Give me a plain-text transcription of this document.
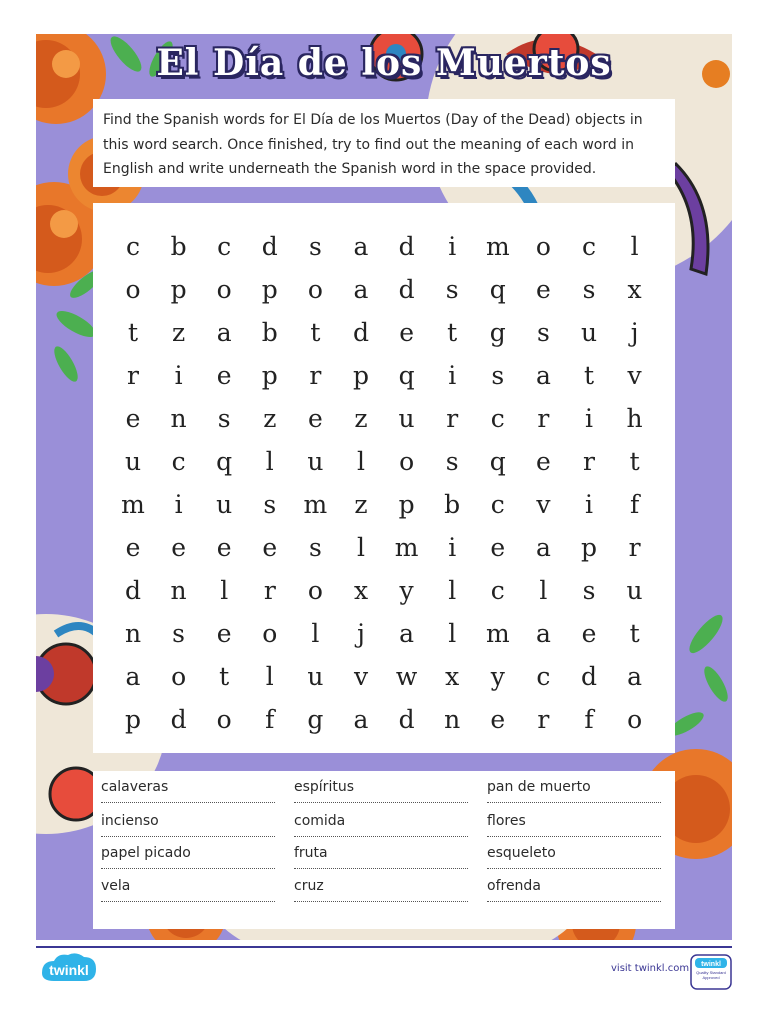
El Día de los Muertos
Find the Spanish words for El Día de los Muertos (Day of the Dead) objects in this word search. Once finished, try to find out the meaning of each word in English and write underneath the Spanish word in the space provided.
c	b	c	d	s	a	d	i	m	o	c	l
o	p	o	p	o	a	d	s	q	e	s	x
t	z	a	b	t	d	e	t	g	s	u	j
r	i	e	p	r	p	q	i	s	a	t	v
e	n	s	z	e	z	u	r	c	r	i	h
u	c	q	l	u	l	o	s	q	e	r	t
m	i	u	s	m	z	p	b	c	v	i	f
e	e	e	e	s	l	m	i	e	a	p	r
d	n	l	r	o	x	y	l	c	l	s	u
n	s	e	o	l	j	a	l	m	a	e	t
a	o	t	l	u	v	w	x	y	c	d	a
p	d	o	f	g	a	d	n	e	r	f	o
calaveras	espíritus	pan de muerto
incienso	comida	flores
papel picado	fruta	esqueleto
vela	cruz	ofrenda
twinkl	visit twinkl.com twinkl
Quality Standard Approved
